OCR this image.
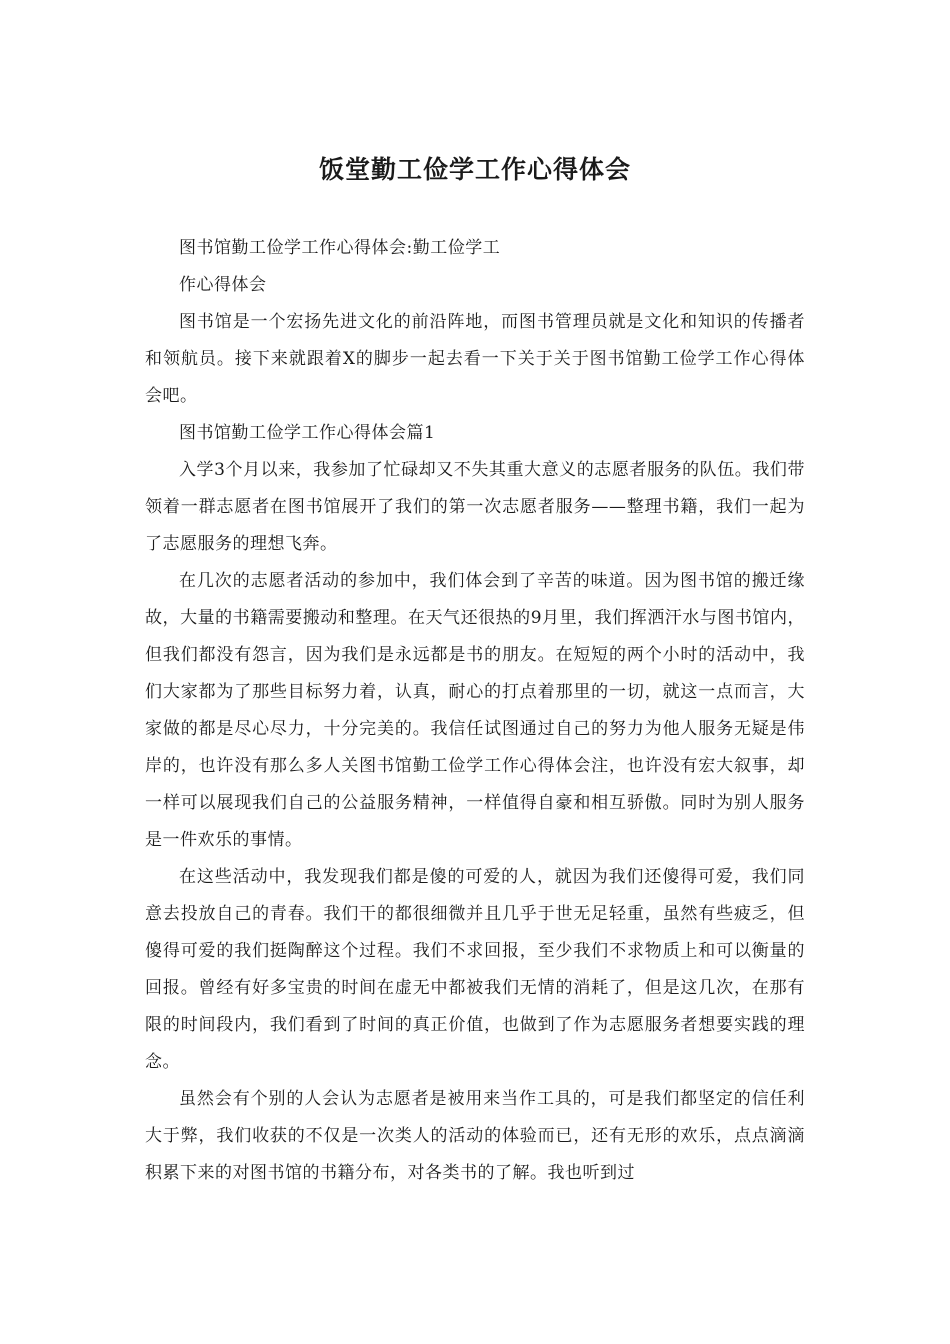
饭堂勤工俭学工作心得体会

图书馆勤工俭学工作心得体会:勤工俭学工

作心得体会

图书馆是一个宏扬先进文化的前沿阵地，而图书管理员就是文化和知识的传播者和领航员。接下来就跟着X的脚步一起去看一下关于关于图书馆勤工俭学工作心得体会吧。

图书馆勤工俭学工作心得体会篇1

入学3个月以来，我参加了忙碌却又不失其重大意义的志愿者服务的队伍。我们带领着一群志愿者在图书馆展开了我们的第一次志愿者服务——整理书籍，我们一起为了志愿服务的理想飞奔。

在几次的志愿者活动的参加中，我们体会到了辛苦的味道。因为图书馆的搬迁缘故，大量的书籍需要搬动和整理。在天气还很热的9月里，我们挥洒汗水与图书馆内，但我们都没有怨言，因为我们是永远都是书的朋友。在短短的两个小时的活动中，我们大家都为了那些目标努力着，认真，耐心的打点着那里的一切，就这一点而言，大家做的都是尽心尽力，十分完美的。我信任试图通过自己的努力为他人服务无疑是伟岸的，也许没有那么多人关图书馆勤工俭学工作心得体会注，也许没有宏大叙事，却一样可以展现我们自己的公益服务精神，一样值得自豪和相互骄傲。同时为别人服务是一件欢乐的事情。

在这些活动中，我发现我们都是傻的可爱的人，就因为我们还傻得可爱，我们同意去投放自己的青春。我们干的都很细微并且几乎于世无足轻重，虽然有些疲乏，但傻得可爱的我们挺陶醉这个过程。我们不求回报，至少我们不求物质上和可以衡量的回报。曾经有好多宝贵的时间在虚无中都被我们无情的消耗了，但是这几次，在那有限的时间段内，我们看到了时间的真正价值，也做到了作为志愿服务者想要实践的理念。

虽然会有个别的人会认为志愿者是被用来当作工具的，可是我们都坚定的信任利大于弊，我们收获的不仅是一次类人的活动的体验而已，还有无形的欢乐，点点滴滴积累下来的对图书馆的书籍分布，对各类书的了解。我也听到过
